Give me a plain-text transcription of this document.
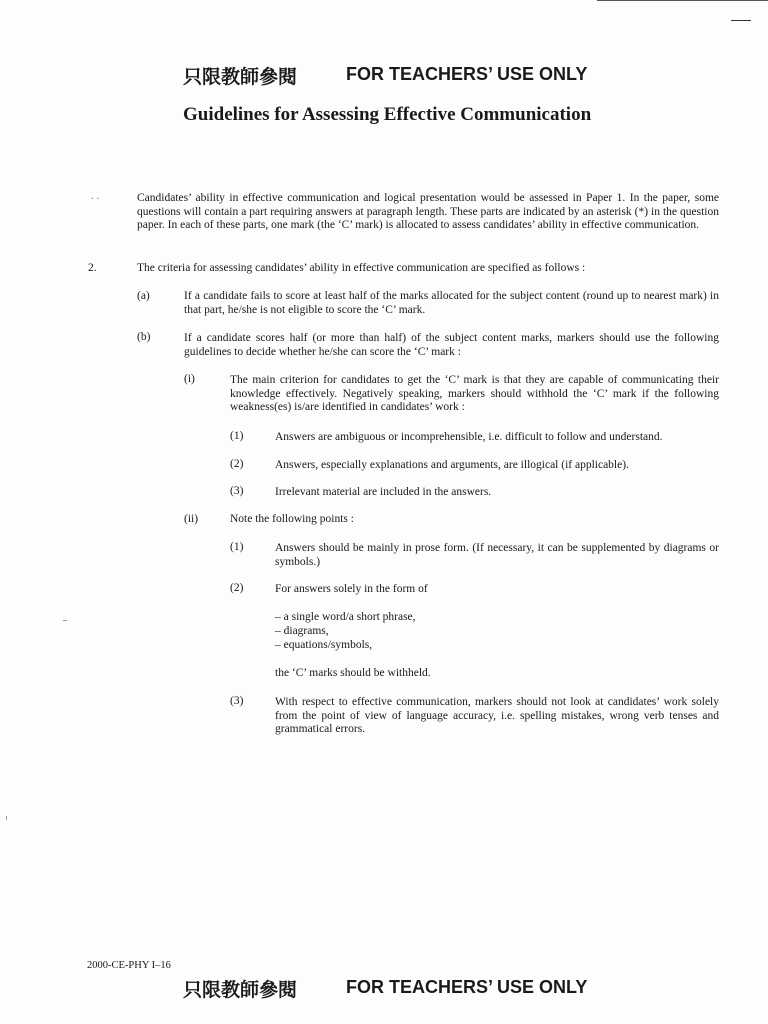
只限教師參閱	FOR TEACHERS’ USE ONLY
Guidelines for Assessing Effective Communication
. .	Candidates’ ability in effective communication and logical presentation would be assessed in Paper 1. In the paper, some questions will contain a part requiring answers at paragraph length. These parts are indicated by an asterisk (*) in the question paper. In each of these parts, one mark (the ‘C’ mark) is allocated to assess candidates’ ability in effective communication.
2.	The criteria for assessing candidates’ ability in effective communication are specified as follows :
(a)	If a candidate fails to score at least half of the marks allocated for the subject content (round up to nearest mark) in that part, he/she is not eligible to score the ‘C’ mark.
(b)	If a candidate scores half (or more than half) of the subject content marks, markers should use the following guidelines to decide whether he/she can score the ‘C’ mark :
(i)	The main criterion for candidates to get the ‘C’ mark is that they are capable of communicating their knowledge effectively. Negatively speaking, markers should withhold the ‘C’ mark if the following weakness(es) is/are identified in candidates’ work :
(1)	Answers are ambiguous or incomprehensible, i.e. difficult to follow and understand.
(2)	Answers, especially explanations and arguments, are illogical (if applicable).
(3)	Irrelevant material are included in the answers.
(ii)	Note the following points :
(1)	Answers should be mainly in prose form. (If necessary, it can be supplemented by diagrams or symbols.)
(2)	For answers solely in the form of
– a single word/a short phrase,
– diagrams,
– equations/symbols,
the ‘C’ marks should be withheld.
(3)	With respect to effective communication, markers should not look at candidates’ work solely from the point of view of language accuracy, i.e. spelling mistakes, wrong verb tenses and grammatical errors.
2000-CE-PHY I–16
只限教師參閱	FOR TEACHERS’ USE ONLY
